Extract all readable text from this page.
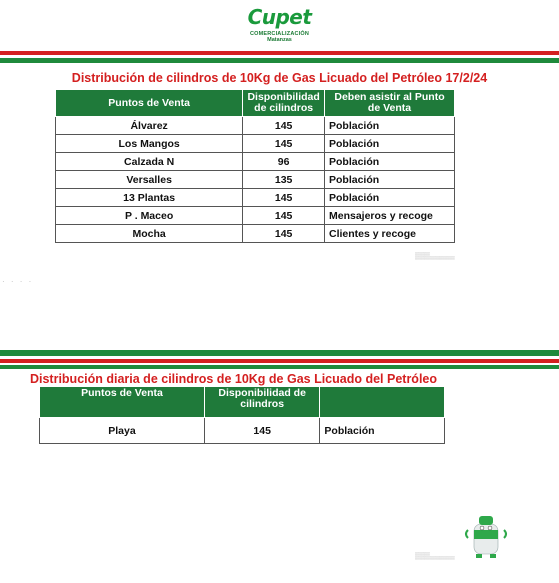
Cupet
COMERCIALIZACIÓN
Matanzas
Distribución de cilindros de 10Kg de Gas Licuado del Petróleo 17/2/24
Puntos de Venta	Disponibilidad de cilindros	Deben asistir al Punto de Venta
Álvarez	145	Población
Los Mangos	145	Población
Calzada N	96	Población
Versalles	135	Población
13 Plantas	145	Población
P . Maceo	145	Mensajeros y recoge
Mocha	145	Clientes y recoge
▒▒▒▒▒▒
▒▒▒▒▒▒▒▒▒▒▒▒▒▒▒▒
· · · ·
Distribución diaria de cilindros de 10Kg de Gas Licuado del Petróleo
Puntos de Venta	Disponibilidad de cilindros	
Playa	145	Población
▒▒▒▒▒▒
▒▒▒▒▒▒▒▒▒▒▒▒▒▒▒▒
